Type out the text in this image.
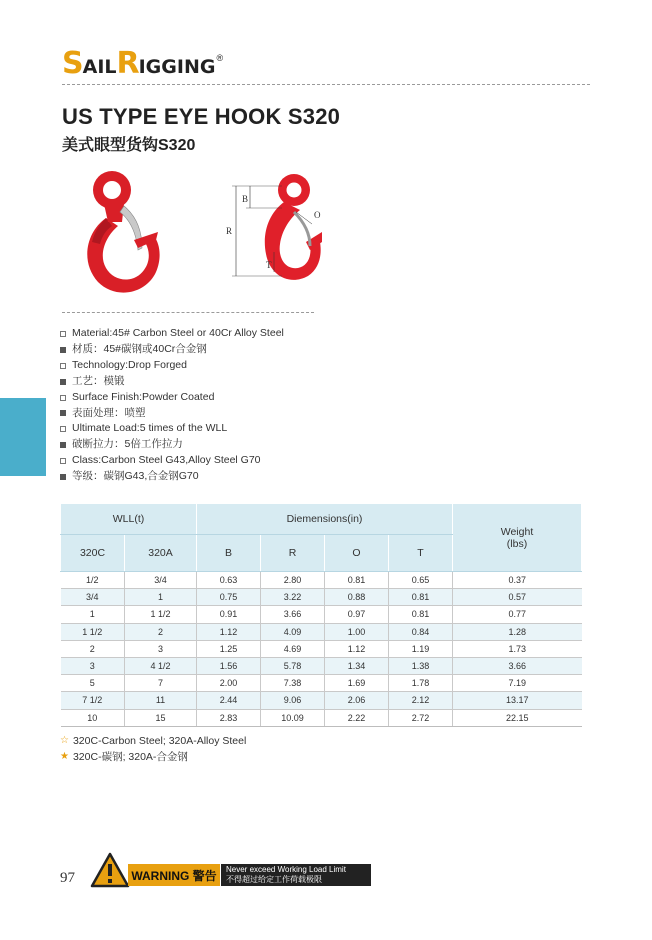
S AIL R IGGING ®
US TYPE EYE HOOK S320
美式眼型货钩S320
B
R
O
T
Material:45# Carbon Steel or 40Cr Alloy Steel
材质：45#碳钢或40Cr合金钢
Technology:Drop Forged
工艺：模锻
Surface Finish:Powder Coated
表面处理：喷塑
Ultimate Load:5 times of the WLL
破断拉力：5倍工作拉力
Class:Carbon Steel G43,Alloy Steel G70
等级：碳钢G43,合金钢G70
WLL(t)		Diemensions(in)				Weight
(lbs)
320C	320A	B	R	O	T	
1/2	3/4	0.63	2.80	0.81	0.65	0.37
3/4	1	0.75	3.22	0.88	0.81	0.57
1	1 1/2	0.91	3.66	0.97	0.81	0.77
1 1/2	2	1.12	4.09	1.00	0.84	1.28
2	3	1.25	4.69	1.12	1.19	1.73
3	4 1/2	1.56	5.78	1.34	1.38	3.66
5	7	2.00	7.38	1.69	1.78	7.19
7 1/2	11	2.44	9.06	2.06	2.12	13.17
10	15	2.83	10.09	2.22	2.72	22.15
☆ 320C-Carbon Steel; 320A-Alloy Steel
★ 320C-碳钢; 320A-合金钢
97	WARNING 警告	Never exceed Working Load Limit
不得超过给定工作荷载极限
